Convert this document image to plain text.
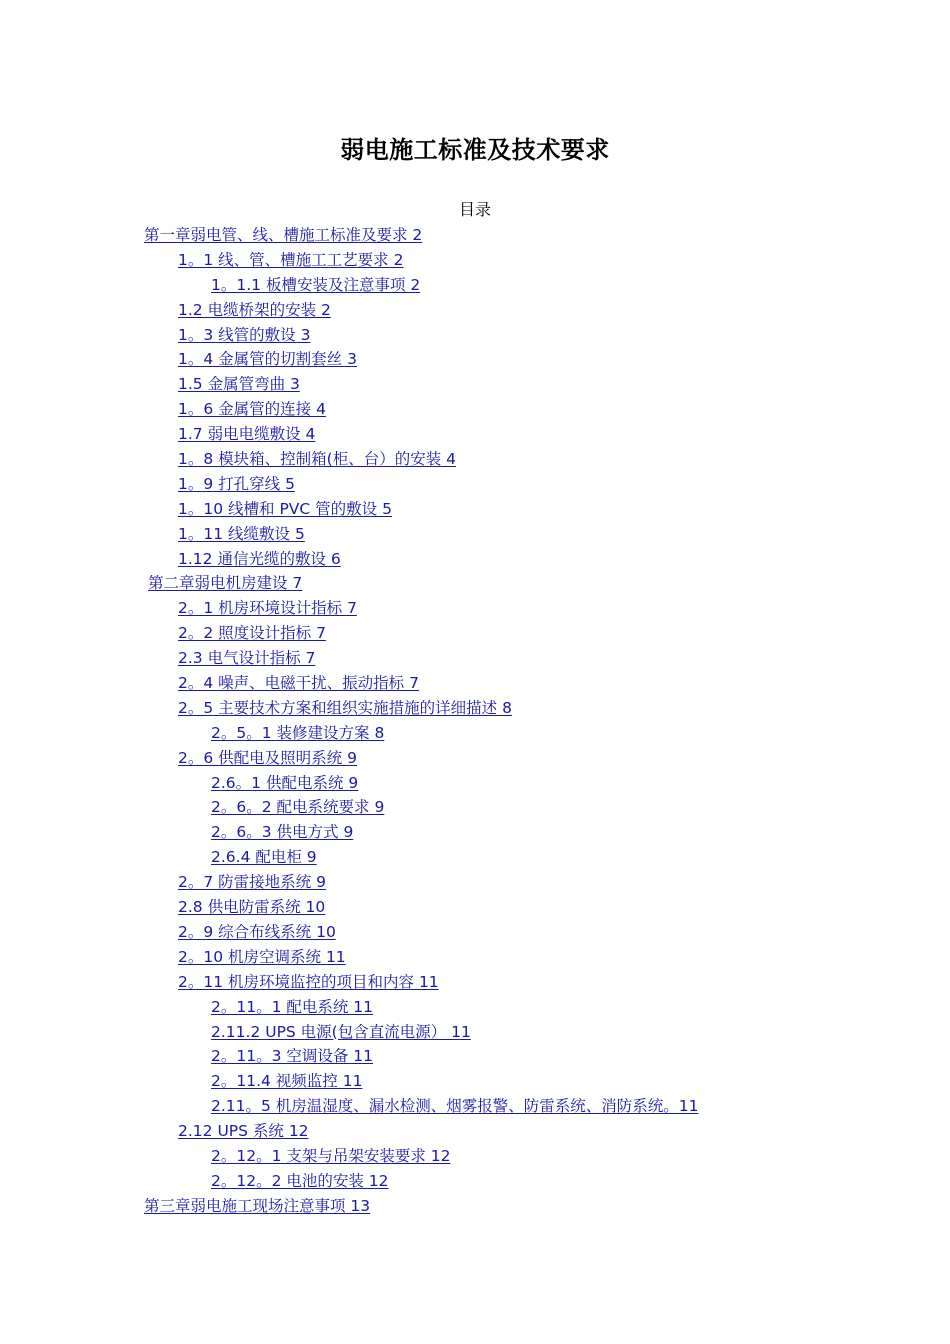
弱电施工标准及技术要求
目录
第一章弱电管、线、槽施工标准及要求 2
1。1 线、管、槽施工工艺要求 2
1。1.1 板槽安装及注意事项 2
1.2 电缆桥架的安装 2
1。3 线管的敷设 3
1。4 金属管的切割套丝 3
1.5 金属管弯曲 3
1。6 金属管的连接 4
1.7 弱电电缆敷设 4
1。8 模块箱、控制箱(柜、台）的安装 4
1。9 打孔穿线 5
1。10 线槽和 PVC 管的敷设 5
1。11 线缆敷设 5
1.12 通信光缆的敷设 6
第二章弱电机房建设 7
2。1 机房环境设计指标 7
2。2 照度设计指标 7
2.3 电气设计指标 7
2。4 噪声、电磁干扰、振动指标 7
2。5 主要技术方案和组织实施措施的详细描述 8
2。5。1 装修建设方案 8
2。6 供配电及照明系统 9
2.6。1 供配电系统 9
2。6。2 配电系统要求 9
2。6。3 供电方式 9
2.6.4 配电柜 9
2。7 防雷接地系统 9
2.8 供电防雷系统 10
2。9 综合布线系统 10
2。10 机房空调系统 11
2。11 机房环境监控的项目和内容 11
2。11。1 配电系统 11
2.11.2 UPS 电源(包含直流电源） 11
2。11。3 空调设备 11
2。11.4 视频监控 11
2.11。5 机房温湿度、漏水检测、烟雾报警、防雷系统、消防系统。11
2.12 UPS 系统 12
2。12。1 支架与吊架安装要求 12
2。12。2 电池的安装 12
第三章弱电施工现场注意事项 13
